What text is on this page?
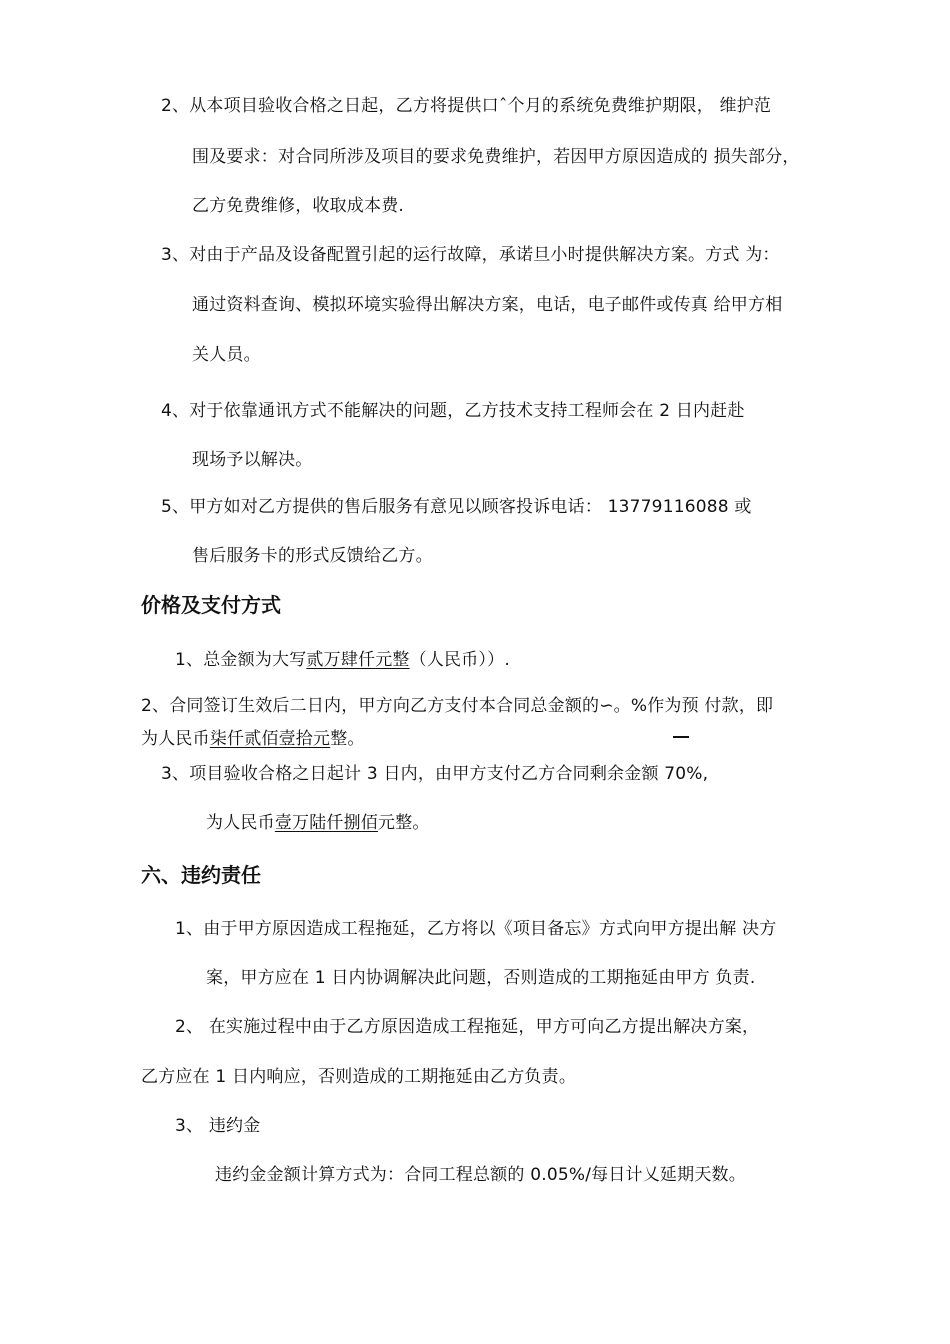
2、从本项目验收合格之日起，乙方将提供口ˆ个月的系统免费维护期限， 维护范
围及要求：对合同所涉及项目的要求免费维护，若因甲方原因造成的 损失部分，
乙方免费维修，收取成本费.
3、对由于产品及设备配置引起的运行故障，承诺旦小时提供解决方案。方式 为：
通过资料查询、模拟环境实验得出解决方案，电话，电子邮件或传真 给甲方相
关人员。
4、对于依靠通讯方式不能解决的问题，乙方技术支持工程师会在 2 日内赶赴
现场予以解决。
5、甲方如对乙方提供的售后服务有意见以顾客投诉电话： 13779116088 或
售后服务卡的形式反馈给乙方。
价格及支付方式
1、总金额为大写贰万肆仟元整（人民币））.
2、合同签订生效后二日内，甲方向乙方支付本合同总金额的∽。%作为预 付款，即
为人民币柒仟贰佰壹拾元整。
3、项目验收合格之日起计 3 日内，由甲方支付乙方合同剩余金额 70%,
为人民币壹万陆仟捌佰元整。
六、违约责任
1、由于甲方原因造成工程拖延，乙方将以《项目备忘》方式向甲方提出解 决方
案，甲方应在 1 日内协调解决此问题，否则造成的工期拖延由甲方 负责.
2、 在实施过程中由于乙方原因造成工程拖延，甲方可向乙方提出解决方案，
乙方应在 1 日内响应，否则造成的工期拖延由乙方负责。
3、 违约金
违约金金额计算方式为：合同工程总额的 0.05%/每日计乂延期天数。
